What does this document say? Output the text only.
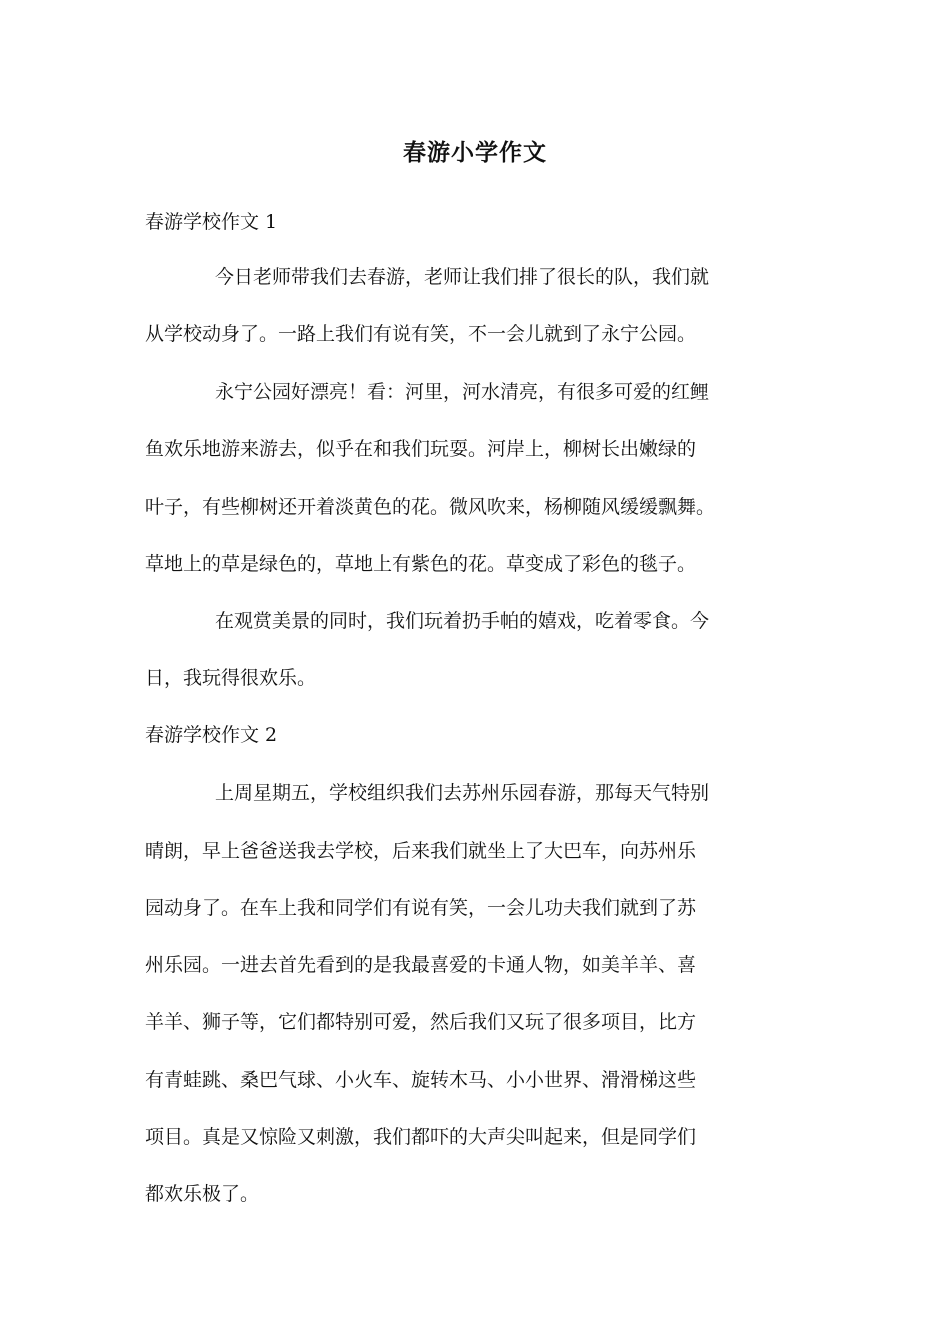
春游小学作文
春游学校作文 1
今日老师带我们去春游，老师让我们排了很长的队，我们就
从学校动身了。一路上我们有说有笑，不一会儿就到了永宁公园。
永宁公园好漂亮！看：河里，河水清亮，有很多可爱的红鲤
鱼欢乐地游来游去，似乎在和我们玩耍。河岸上，柳树长出嫩绿的
叶子，有些柳树还开着淡黄色的花。微风吹来，杨柳随风缓缓飘舞。
草地上的草是绿色的，草地上有紫色的花。草变成了彩色的毯子。
在观赏美景的同时，我们玩着扔手帕的嬉戏，吃着零食。今
日，我玩得很欢乐。
春游学校作文 2
上周星期五，学校组织我们去苏州乐园春游，那每天气特别
晴朗，早上爸爸送我去学校，后来我们就坐上了大巴车，向苏州乐
园动身了。在车上我和同学们有说有笑，一会儿功夫我们就到了苏
州乐园。一进去首先看到的是我最喜爱的卡通人物，如美羊羊、喜
羊羊、狮子等，它们都特别可爱，然后我们又玩了很多项目，比方
有青蛙跳、桑巴气球、小火车、旋转木马、小小世界、滑滑梯这些
项目。真是又惊险又刺激，我们都吓的大声尖叫起来，但是同学们
都欢乐极了。
